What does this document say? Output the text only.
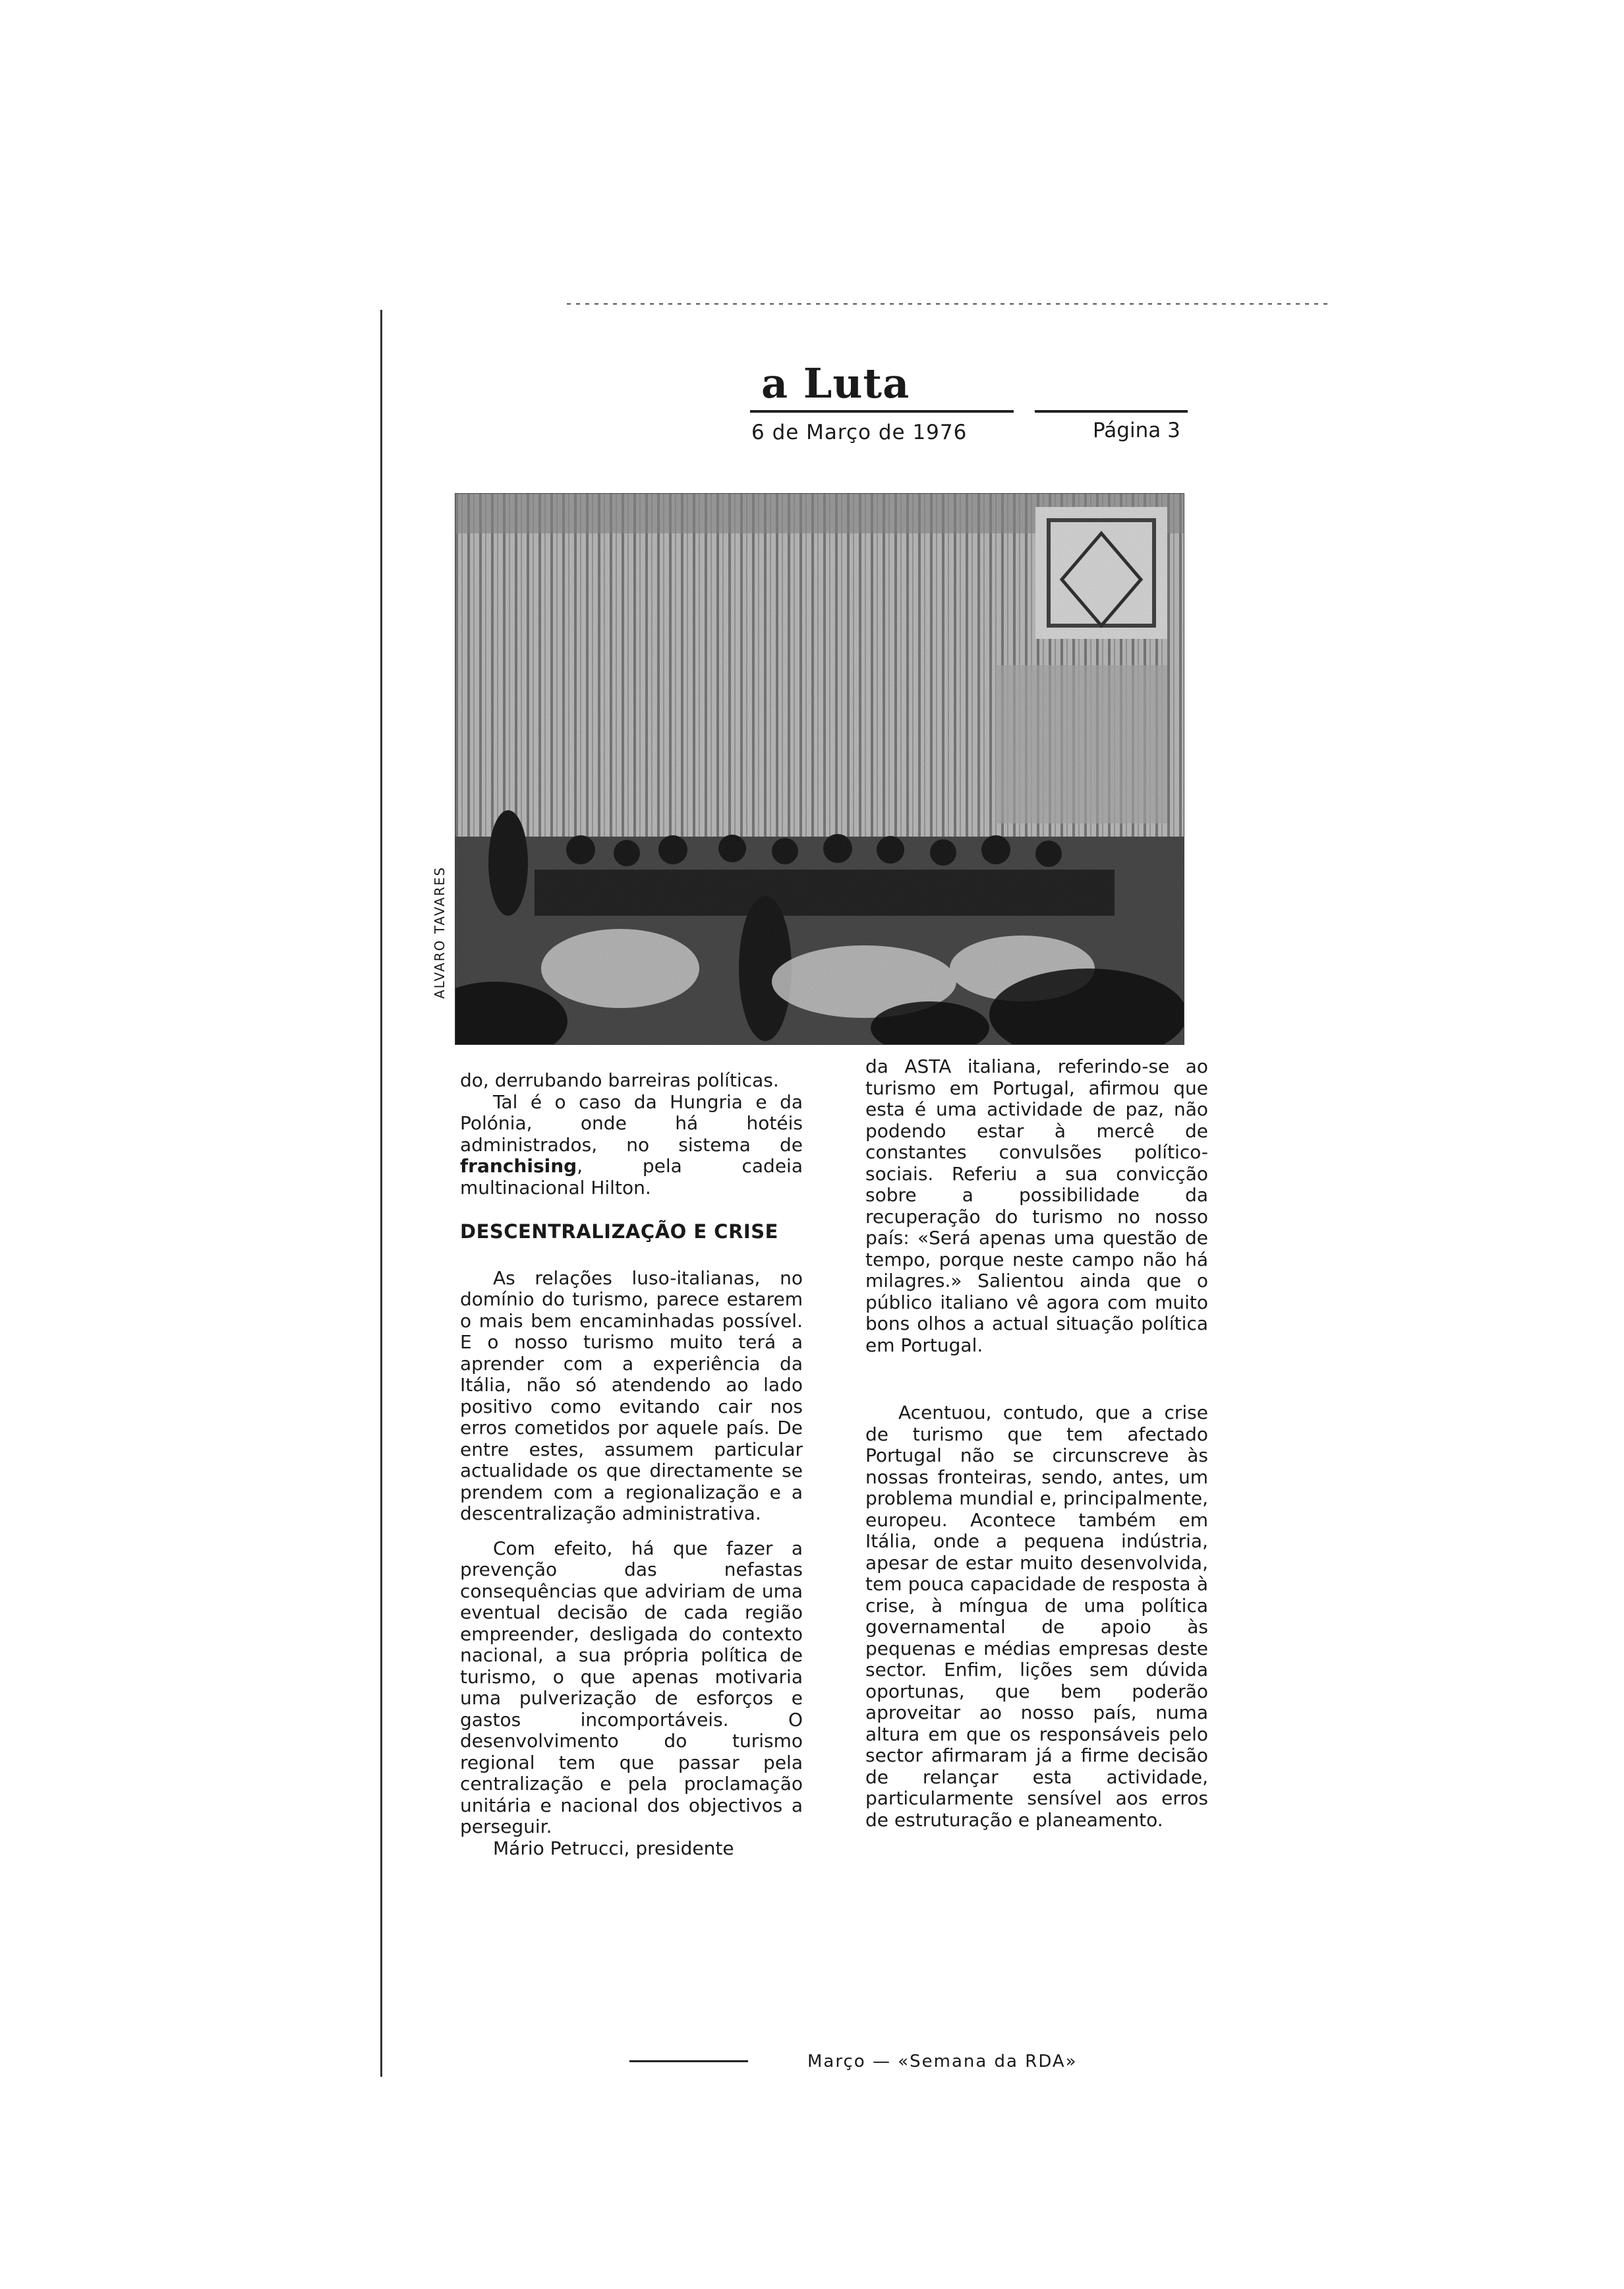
a Luta
6 de Março de 1976	Página 3
ALVARO TAVARES

do, derrubando barreiras políticas.

Tal é o caso da Hungria e da Polónia, onde há hotéis administrados, no sistema de franchising, pela cadeia multinacional Hilton.

DESCENTRALIZAÇÃO E CRISE

As relações luso-italianas, no domínio do turismo, parece estarem o mais bem encaminhadas possível. E o nosso turismo muito terá a aprender com a experiência da Itália, não só atendendo ao lado positivo como evitando cair nos erros cometidos por aquele país. De entre estes, assumem particular actualidade os que directamente se prendem com a regionalização e a descentralização administrativa.

Com efeito, há que fazer a prevenção das nefastas consequências que adviriam de uma eventual decisão de cada região empreender, desligada do contexto nacional, a sua própria política de turismo, o que apenas motivaria uma pulverização de esforços e gastos incomportáveis. O desenvolvimento do turismo regional tem que passar pela centralização e pela proclamação unitária e nacional dos objectivos a perseguir.

Mário Petrucci, presidente

da ASTA italiana, referindo-se ao turismo em Portugal, afirmou que esta é uma actividade de paz, não podendo estar à mercê de constantes convulsões político-sociais. Referiu a sua convicção sobre a possibilidade da recuperação do turismo no nosso país: «Será apenas uma questão de tempo, porque neste campo não há milagres.» Salientou ainda que o público italiano vê agora com muito bons olhos a actual situação política em Portugal.

Acentuou, contudo, que a crise de turismo que tem afectado Portugal não se circunscreve às nossas fronteiras, sendo, antes, um problema mundial e, principalmente, europeu. Acontece também em Itália, onde a pequena indústria, apesar de estar muito desenvolvida, tem pouca capacidade de resposta à crise, à míngua de uma política governamental de apoio às pequenas e médias empresas deste sector. Enfim, lições sem dúvida oportunas, que bem poderão aproveitar ao nosso país, numa altura em que os responsáveis pelo sector afirmaram já a firme decisão de relançar esta actividade, particularmente sensível aos erros de estruturação e planeamento.

Março — «Semana da RDA»
